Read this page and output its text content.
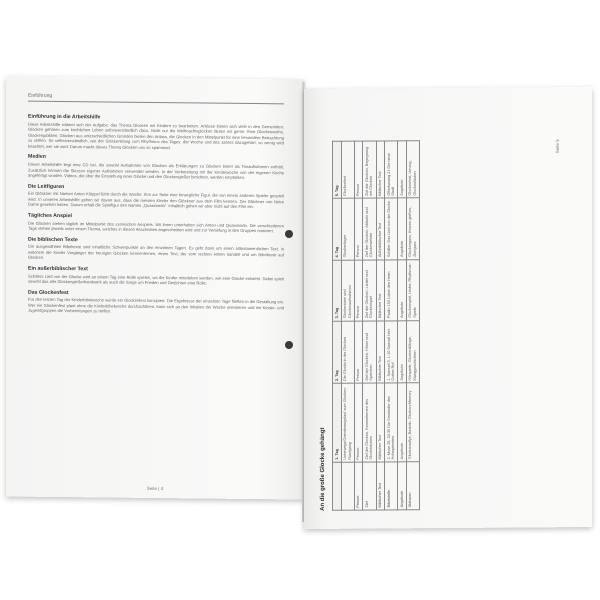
Einführung
Einführung in die Arbeitshilfe
Diese Arbeitshilfe widmet sich der Aufgabe, das Thema Glocken mit Kindern zu bearbeiten. Anlässe bieten sich viele in den Gemeinden: Glocken gehören zum kirchlichen Leben selbstverständlich dazu. Nicht nur die Weihnachtsglocken läuten wir gerne. Eine Glockenweihe, Glockenjubiläen, Glocken aus unterschiedlichen Gründen bieten den Anlass, die Glocken in den Mittelpunkt für eine besondere Betrachtung zu stellen. So selbstverständlich, wie der Glockenklang zum Rhythmus des Tages, der Woche und des Jahres dazugehört, so wenig wird beachtet, wer sie sind. Darum macht dieses Thema Glocken uns so spannend.
Medien
Dieser Arbeitshilfe liegt eine CD bei, die sowohl Aufnahmen von Glocken als Erklärungen zu Glocken bietet als Tonaufnahmen enthält. Zusätzlich können die Skizzen eigener Aufnahmen verwendet werden. In der Vorbereitung mit der Kinderwoche von der eigenen Kirche angefertigt wurden. Videos, die über die Entstehung einer Glocke und den Glockengießer berichten, werden empfohlen.
Die Leitfiguren
Ein Glöckner mit Namen Anton Klöppel führt durch die Woche. Ihm zur Seite eine bewegliche Figur, die von einem anderen Spieler gespielt wird. In unseren Arbeitshilfe gehen wir davon aus, dass die meisten Kinder den Glöckner aus dem Film kennen. Der Glöckner von Notre Dame gesehen haben. Darum erhält die Spielfigur den Namen „Quasimodo“. Inhaltlich gehen wir aber nicht auf den Film ein.
Tägliches Anspiel
Die Glocken stehen täglich im Mittelpunkt des szenischen Anspiels. Mit ihnen unterhalten sich Anton und Quasimodo. Die verschiedenen Tage stehen jeweils unter einem Thema, welches in diesen Abschnitten angeschnitten wird und zur Vertiefung in den Gruppen motiviert.
Die biblischen Texte
Die ausgewählten Bibeltexte sind inhaltliche Schwerpunkte an den einzelnen Tagen. Es geht dann um einen alttestamentlichen Text, in welchem die Kinder Vorgänger der heutigen Glocken kennenlernen, einen Text, der vom rechten Hören handelt und um Bibeltexte auf Glocken.
Ein außerbiblischer Text
Schillers Lied von der Glocke wird an einem Tag eine Rolle spielen, wo die Kinder miterleben werden, wie eine Glocke entsteht. Dabei spielt sowohl das alte Glockengießerhandwerk als auch die Sorge um Frieden und Gedichten eine Rolle.
Das Glockenfest
Für den letzten Tag der Kinderbibelwoche wurde ein Glockenfest konzipiert. Die Ergebnisse der einzelnen Tage fließen in die Gestaltung ein. Wer ein Glockenfest plant ohne die Kinderbibelwoche durchzuführen, kann sich an den Inhalten der Woche orientieren und mit Kinder- und Jugendgruppen die Vorbereitungen zu treffen.
Seite | 4	An die große Glocke gehängt
	1. Tag	2. Tag	3. Tag	4. Tag	5. Tag
	Unterwegs/Orientierungslauf zum Glocken-Rundgang	Die Glocke in der Glocken	Glockenturm und Glockenaufnahmen	Glockenlager	Glockenfest
Person	Person	Person	Person	Person	Person
Ziel	Ziel der Glocken, Kennenlernen des Glockenturms	Ziel der Glocken, Hören und Sprechen	Ziel der Glocken, Lieder und Glockenspiel	Ziel der Glocken, Abläufe und Glockenwörter	Ziel der Glocken, Begegnung mit Glocken
Biblischer Text	Biblischer Text	Biblischer Text	Biblischer Text	Außerbiblischer Text	Biblischer Text
Bibelstelle	2. Mose 28, 33-35 Die Gewänder des Hohepriesters	1. Samuel 3, 1-10 Samuel hört Gottes Ruf	Psalm 150 Lobet den Herrn	Schiller: Das Lied von der Glocke	Offenbarung 21 Die neue Stadt
Angebote	Angebote	Angebote	Angebote	Angebote	Angebote
Aktionen	Glockenrallye, Basteln, Glocken-Memory	Hörspiele, Glockenklänge, Klanggeschichten	Glockenspiel, Lieder, Rhythmus-Spiele	Glockenguss, Kerzen gießen, Zinnguss	Glockenfest, Umzug, Glockenläuten
Seite 5
